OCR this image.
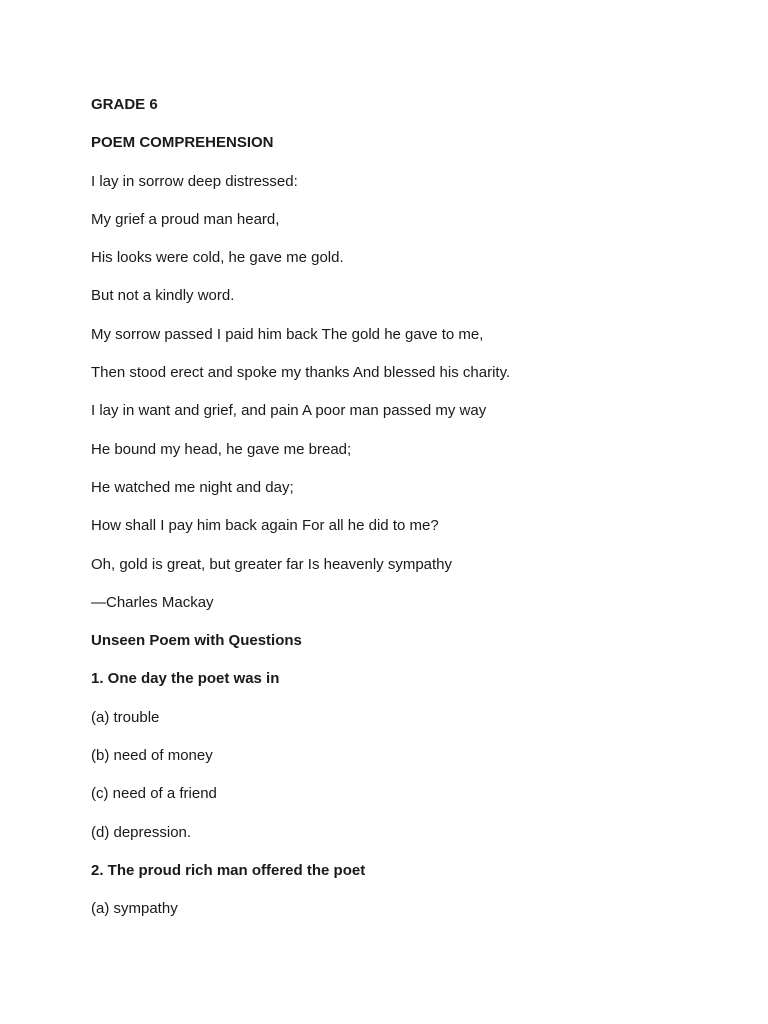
GRADE 6
POEM COMPREHENSION
I lay in sorrow deep distressed:
My grief a proud man heard,
His looks were cold, he gave me gold.
But not a kindly word.
My sorrow passed I paid him back The gold he gave to me,
Then stood erect and spoke my thanks And blessed his charity.
I lay in want and grief, and pain A poor man passed my way
He bound my head, he gave me bread;
He watched me night and day;
How shall I pay him back again For all he did to me?
Oh, gold is great, but greater far Is heavenly sympathy
—Charles Mackay
Unseen Poem with Questions
1. One day the poet was in
(a) trouble
(b) need of money
(c) need of a friend
(d) depression.
2. The proud rich man offered the poet
(a) sympathy
